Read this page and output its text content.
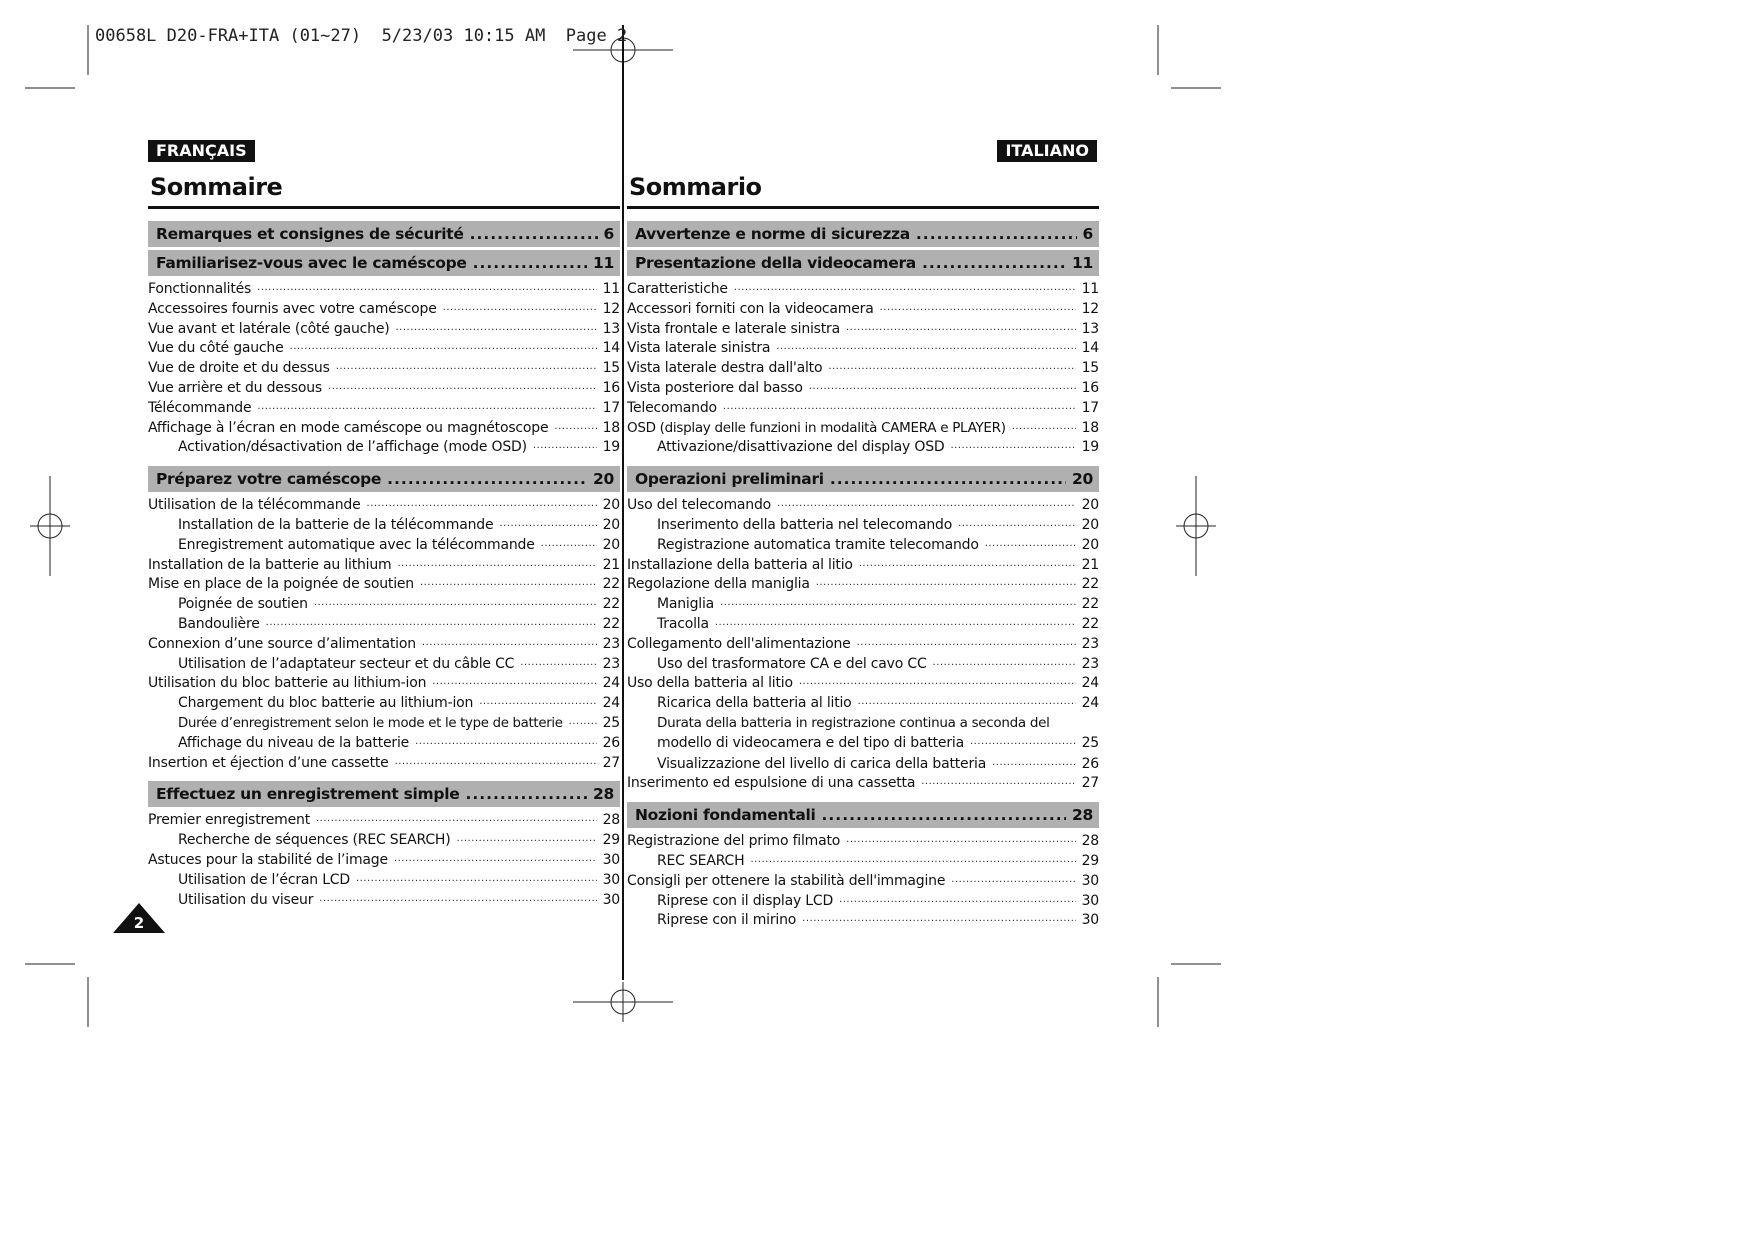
00658L D20-FRA+ITA (01~27)  5/23/03 10:15 AM  Page 2
FRANÇAIS
Sommaire
Remarques et consignes de sécurité .....	6
Familiarisez-vous avec le caméscope .....	11
Fonctionnalités ·····	11
Accessoires fournis avec votre caméscope ·····	12
Vue avant et latérale (côté gauche) ·····	13
Vue du côté gauche ·····	14
Vue de droite et du dessus ·····	15
Vue arrière et du dessous ·····	16
Télécommande ·····	17
Affichage à l’écran en mode caméscope ou magnétoscope ·····	18
Activation/désactivation de l’affichage (mode OSD) ·····	19
Préparez votre caméscope .....	20
Utilisation de la télécommande ·····	20
Installation de la batterie de la télécommande ·····	20
Enregistrement automatique avec la télécommande ·····	20
Installation de la batterie au lithium ·····	21
Mise en place de la poignée de soutien ·····	22
Poignée de soutien ·····	22
Bandoulière ·····	22
Connexion d’une source d’alimentation ·····	23
Utilisation de l’adaptateur secteur et du câble CC ·····	23
Utilisation du bloc batterie au lithium-ion ·····	24
Chargement du bloc batterie au lithium-ion ·····	24
Durée d’enregistrement selon le mode et le type de batterie ·····	25
Affichage du niveau de la batterie ·····	26
Insertion et éjection d’une cassette ·····	27
Effectuez un enregistrement simple .....	28
Premier enregistrement ·····	28
Recherche de séquences (REC SEARCH) ·····	29
Astuces pour la stabilité de l’image ·····	30
Utilisation de l’écran LCD ·····	30
Utilisation du viseur ·····	30
ITALIANO
Sommario
Avvertenze e norme di sicurezza .....	6
Presentazione della videocamera .....	11
Caratteristiche ·····	11
Accessori forniti con la videocamera ·····	12
Vista frontale e laterale sinistra ·····	13
Vista laterale sinistra ·····	14
Vista laterale destra dall'alto ·····	15
Vista posteriore dal basso ·····	16
Telecomando ·····	17
OSD (display delle funzioni in modalità CAMERA e PLAYER) ·····	18
Attivazione/disattivazione del display OSD ·····	19
Operazioni preliminari .....	20
Uso del telecomando ·····	20
Inserimento della batteria nel telecomando ·····	20
Registrazione automatica tramite telecomando ·····	20
Installazione della batteria al litio ·····	21
Regolazione della maniglia ·····	22
Maniglia ·····	22
Tracolla ·····	22
Collegamento dell'alimentazione ·····	23
Uso del trasformatore CA e del cavo CC ·····	23
Uso della batteria al litio ·····	24
Ricarica della batteria al litio ·····	24
Durata della batteria in registrazione continua a seconda del
modello di videocamera e del tipo di batteria ·····	25
Visualizzazione del livello di carica della batteria ·····	26
Inserimento ed espulsione di una cassetta ·····	27
Nozioni fondamentali .....	28
Registrazione del primo filmato ·····	28
REC SEARCH ·····	29
Consigli per ottenere la stabilità dell'immagine ·····	30
Riprese con il display LCD ·····	30
Riprese con il mirino ·····	30
2
